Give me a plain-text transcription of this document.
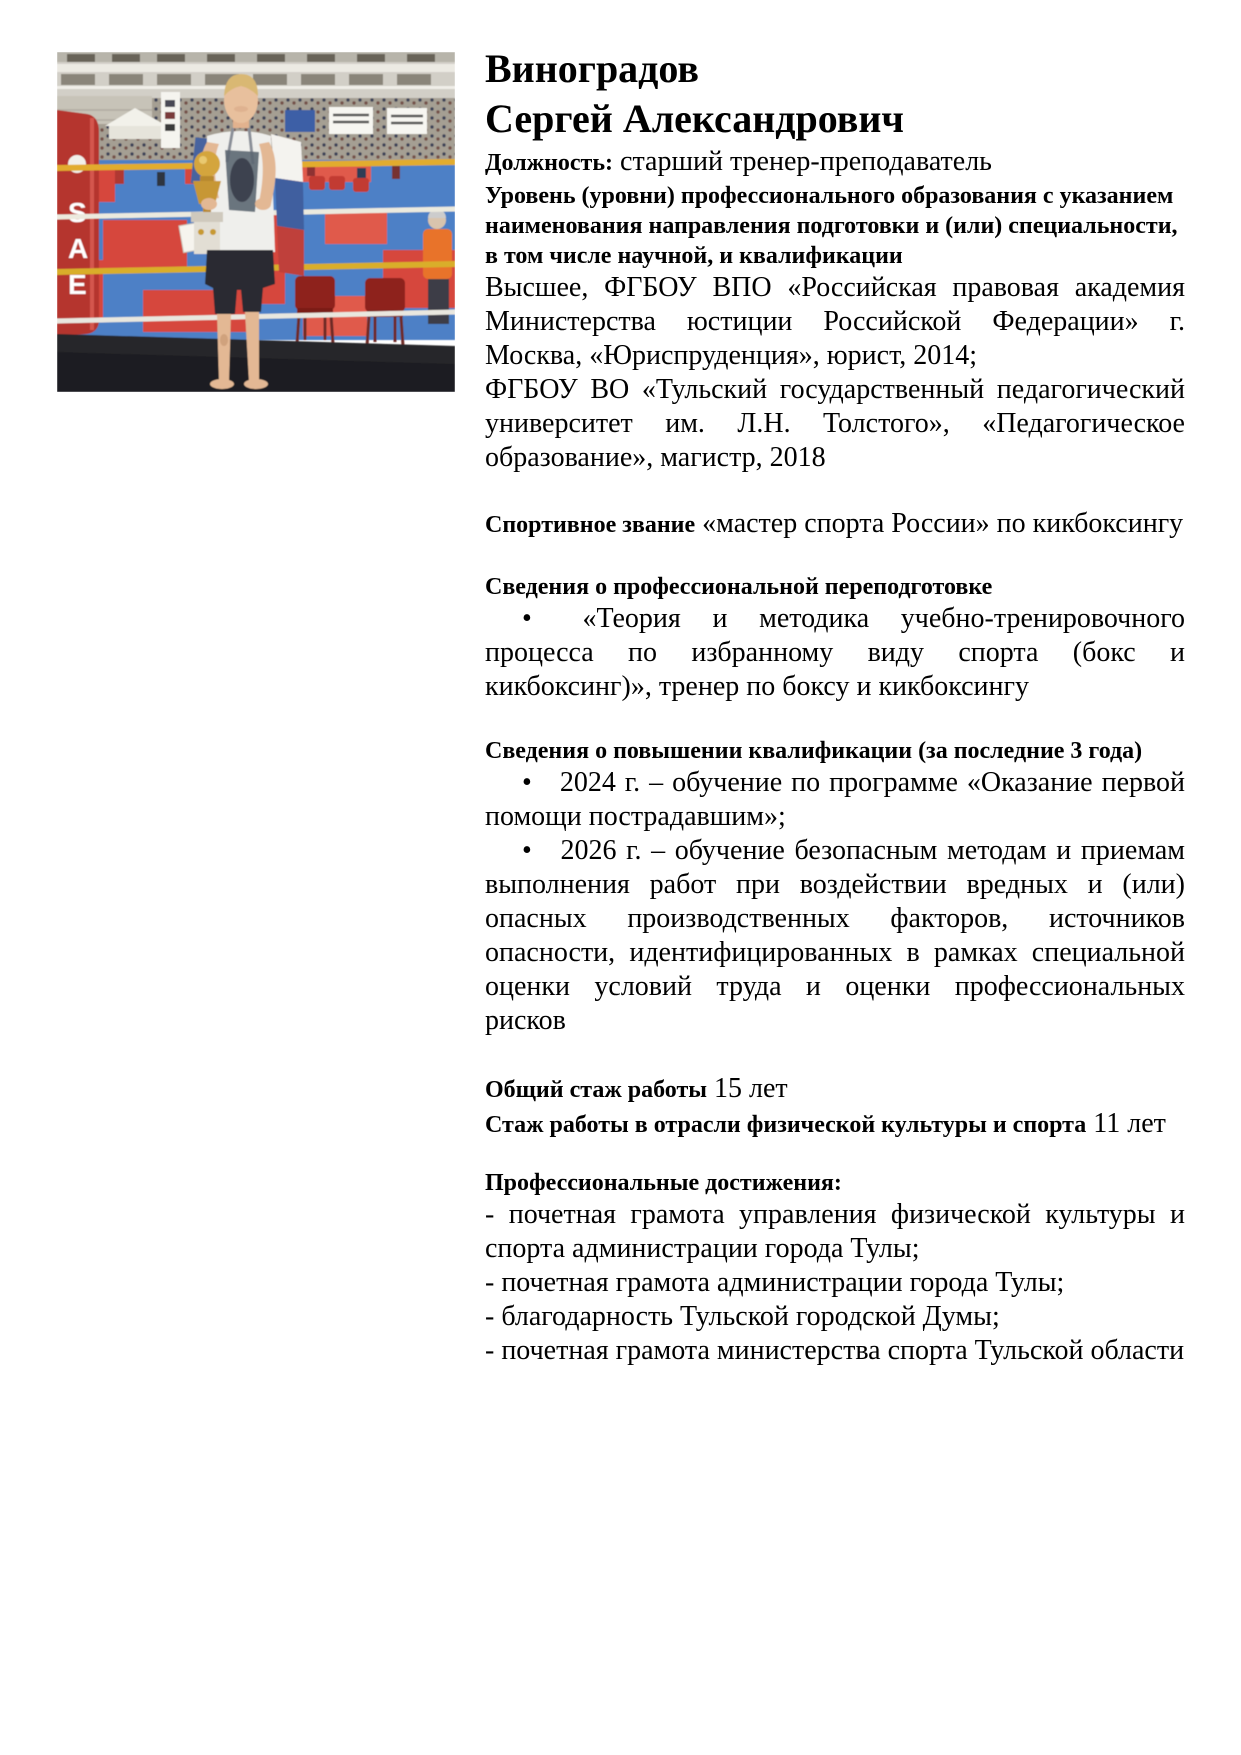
S
A
E
Виноградов
Сергей Александрович

Должность: старший тренер-преподаватель

Уровень (уровни) профессионального образования с указанием наименования направления подготовки и (или) специальности, в том числе научной, и квалификации

Высшее, ФГБОУ ВПО «Российская правовая академия Министерства юстиции Российской Федерации» г. Москва, «Юриспруденция», юрист, 2014;

ФГБОУ ВО «Тульский государственный педагогический университет им. Л.Н. Толстого», «Педагогическое образование», магистр, 2018

Спортивное звание «мастер спорта России» по кикбоксингу

Сведения о профессиональной переподготовке

• «Теория и методика учебно-тренировочного процесса по избранному виду спорта (бокс и кикбоксинг)», тренер по боксу и кикбоксингу

Сведения о повышении квалификации (за последние 3 года)

• 2024 г. – обучение по программе «Оказание первой помощи пострадавшим»;

• 2026 г. – обучение безопасным методам и приемам выполнения работ при воздействии вредных и (или) опасных производственных факторов, источников опасности, идентифицированных в рамках специальной оценки условий труда и оценки профессиональных рисков

Общий стаж работы 15 лет

Стаж работы в отрасли физической культуры и спорта 11 лет

Профессиональные достижения:

- почетная грамота управления физической культуры и спорта администрации города Тулы;

- почетная грамота администрации города Тулы;

- благодарность Тульской городской Думы;

- почетная грамота министерства спорта Тульской области
